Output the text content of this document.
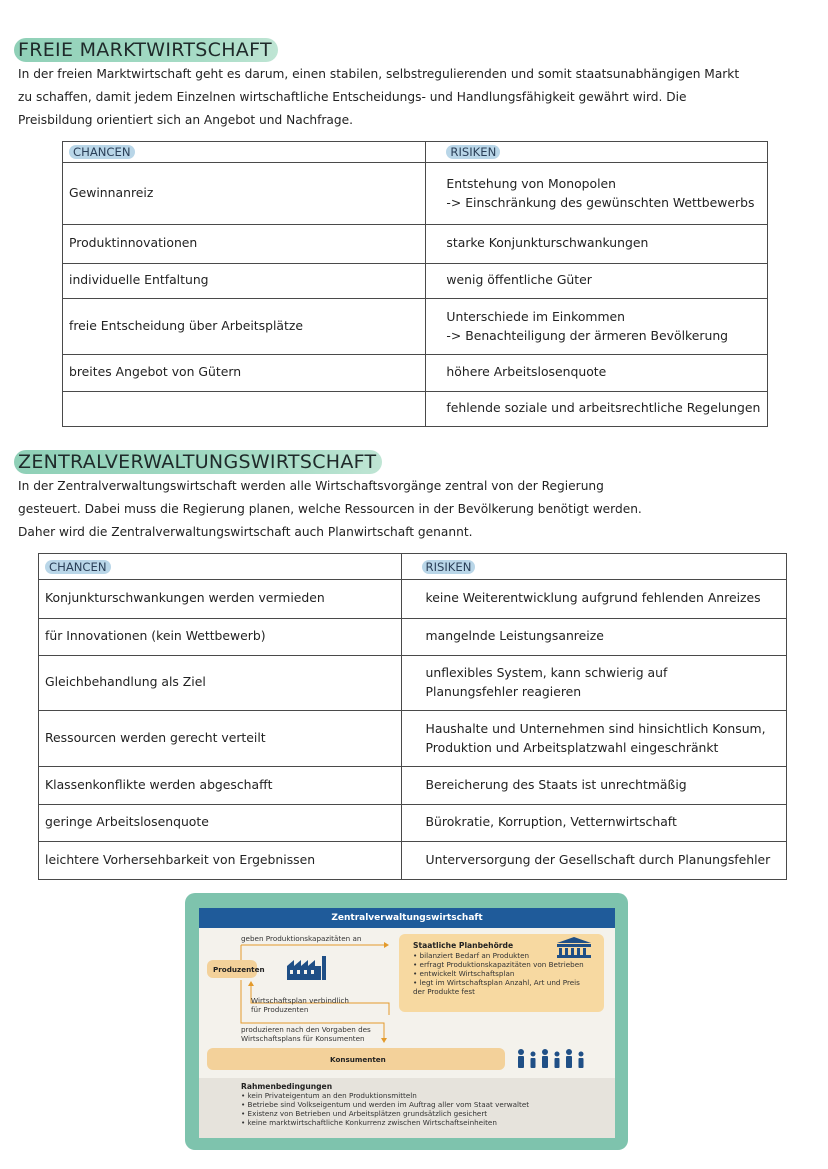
FREIE MARKTWIRTSCHAFT
In der freien Marktwirtschaft geht es darum, einen stabilen, selbstregulierenden und somit staatsunabhängigen Markt
zu schaffen, damit jedem Einzelnen wirtschaftliche Entscheidungs- und Handlungsfähigkeit gewährt wird. Die
Preisbildung orientiert sich an Angebot und Nachfrage.
CHANCEN	RISIKEN

Gewinnanreiz	Entstehung von Monopolen
-> Einschränkung des gewünschten Wettbewerbs

Produktinnovationen	starke Konjunkturschwankungen

individuelle Entfaltung	wenig öffentliche Güter

freie Entscheidung über Arbeitsplätze	Unterschiede im Einkommen
-> Benachteiligung der ärmeren Bevölkerung

breites Angebot von Gütern	höhere Arbeitslosenquote

	fehlende soziale und arbeitsrechtliche Regelungen
ZENTRALVERWALTUNGSWIRTSCHAFT
In der Zentralverwaltungswirtschaft werden alle Wirtschaftsvorgänge zentral von der Regierung
gesteuert. Dabei muss die Regierung planen, welche Ressourcen in der Bevölkerung benötigt werden.
Daher wird die Zentralverwaltungswirtschaft auch Planwirtschaft genannt.
CHANCEN	RISIKEN

Konjunkturschwankungen werden vermieden	keine Weiterentwicklung aufgrund fehlenden Anreizes

für Innovationen (kein Wettbewerb)	mangelnde Leistungsanreize

Gleichbehandlung als Ziel	unflexibles System, kann schwierig auf
Planungsfehler reagieren

Ressourcen werden gerecht verteilt	Haushalte und Unternehmen sind hinsichtlich Konsum,
Produktion und Arbeitsplatzwahl eingeschränkt

Klassenkonflikte werden abgeschafft	Bereicherung des Staats ist unrechtmäßig

geringe Arbeitslosenquote	Bürokratie, Korruption, Vetternwirtschaft

leichtere Vorhersehbarkeit von Ergebnissen	Unterversorgung der Gesellschaft durch Planungsfehler
Zentralverwaltungswirtschaft
geben Produktionskapazitäten an
Produzenten
Staatliche Planbehörde
• bilanziert Bedarf an Produkten
• erfragt Produktionskapazitäten von Betrieben
• entwickelt Wirtschaftsplan
• legt im Wirtschaftsplan Anzahl, Art und Preis
der Produkte fest
Wirtschaftsplan verbindlich
für Produzenten
produzieren nach den Vorgaben des
Wirtschaftsplans für Konsumenten
Konsumenten
Rahmenbedingungen
• kein Privateigentum an den Produktionsmitteln
• Betriebe sind Volkseigentum und werden im Auftrag aller vom Staat verwaltet
• Existenz von Betrieben und Arbeitsplätzen grundsätzlich gesichert
• keine marktwirtschaftliche Konkurrenz zwischen Wirtschaftseinheiten
